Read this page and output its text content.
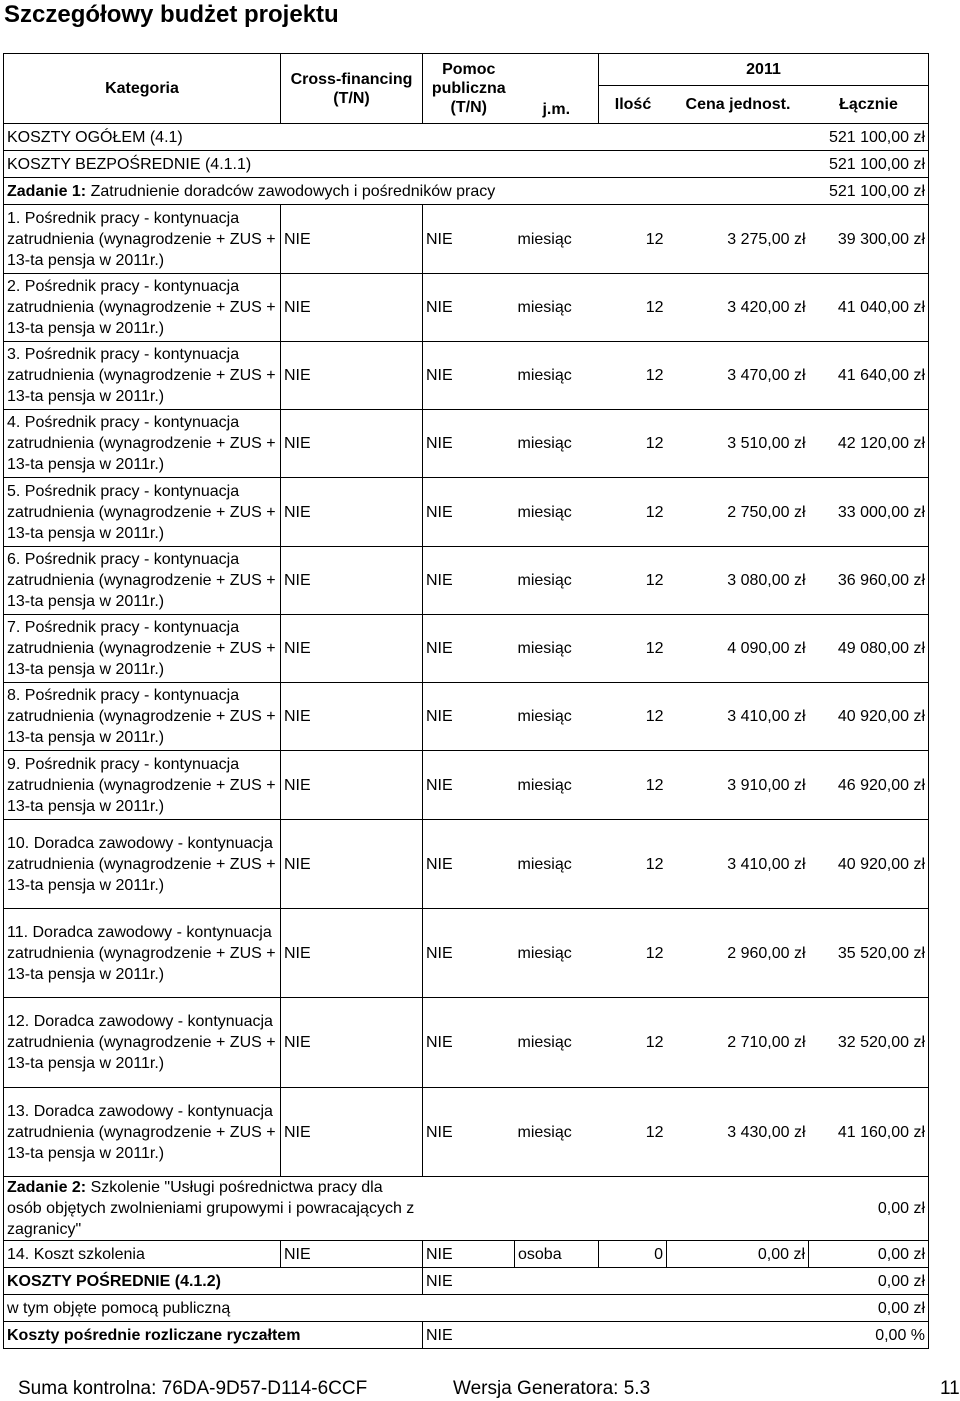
Szczegółowy budżet projektu
Kategoria	Cross-financing (T/N)	Pomoc publiczna (T/N)	j.m.	
2011
Ilość	Cena jednost.	Łącznie

KOSZTY OGÓŁEM (4.1)	521 100,00 zł
KOSZTY BEZPOŚREDNIE (4.1.1)	521 100,00 zł
Zadanie 1: Zatrudnienie doradców zawodowych i pośredników pracy	521 100,00 zł
1. Pośrednik pracy - kontynuacja zatrudnienia (wynagrodzenie + ZUS + 13-ta pensja w 2011r.)	NIE	NIE	miesiąc	12	3 275,00 zł	39 300,00 zł
2. Pośrednik pracy - kontynuacja zatrudnienia (wynagrodzenie + ZUS + 13-ta pensja w 2011r.)	NIE	NIE	miesiąc	12	3 420,00 zł	41 040,00 zł
3. Pośrednik pracy - kontynuacja zatrudnienia (wynagrodzenie + ZUS + 13-ta pensja w 2011r.)	NIE	NIE	miesiąc	12	3 470,00 zł	41 640,00 zł
4. Pośrednik pracy - kontynuacja zatrudnienia (wynagrodzenie + ZUS + 13-ta pensja w 2011r.)	NIE	NIE	miesiąc	12	3 510,00 zł	42 120,00 zł
5. Pośrednik pracy - kontynuacja zatrudnienia (wynagrodzenie + ZUS + 13-ta pensja w 2011r.)	NIE	NIE	miesiąc	12	2 750,00 zł	33 000,00 zł
6. Pośrednik pracy - kontynuacja zatrudnienia (wynagrodzenie + ZUS + 13-ta pensja w 2011r.)	NIE	NIE	miesiąc	12	3 080,00 zł	36 960,00 zł
7. Pośrednik pracy - kontynuacja zatrudnienia (wynagrodzenie + ZUS + 13-ta pensja w 2011r.)	NIE	NIE	miesiąc	12	4 090,00 zł	49 080,00 zł
8. Pośrednik pracy - kontynuacja zatrudnienia (wynagrodzenie + ZUS + 13-ta pensja w 2011r.)	NIE	NIE	miesiąc	12	3 410,00 zł	40 920,00 zł
9. Pośrednik pracy - kontynuacja zatrudnienia (wynagrodzenie + ZUS + 13-ta pensja w 2011r.)	NIE	NIE	miesiąc	12	3 910,00 zł	46 920,00 zł
10. Doradca zawodowy - kontynuacja zatrudnienia (wynagrodzenie + ZUS + 13-ta pensja w 2011r.)	NIE	NIE	miesiąc	12	3 410,00 zł	40 920,00 zł
11. Doradca zawodowy - kontynuacja zatrudnienia (wynagrodzenie + ZUS + 13-ta pensja w 2011r.)	NIE	NIE	miesiąc	12	2 960,00 zł	35 520,00 zł
12. Doradca zawodowy - kontynuacja zatrudnienia (wynagrodzenie + ZUS + 13-ta pensja w 2011r.)	NIE	NIE	miesiąc	12	2 710,00 zł	32 520,00 zł
13. Doradca zawodowy - kontynuacja zatrudnienia (wynagrodzenie + ZUS + 13-ta pensja w 2011r.)	NIE	NIE	miesiąc	12	3 430,00 zł	41 160,00 zł
Zadanie 2: Szkolenie "Usługi pośrednictwa pracy dla osób objętych zwolnieniami grupowymi i powracających z zagranicy"	0,00 zł
14. Koszt szkolenia	NIE	NIE	osoba	0	0,00 zł	0,00 zł
KOSZTY POŚREDNIE (4.1.2)	NIE	0,00 zł
w tym objęte pomocą publiczną	0,00 zł
Koszty pośrednie rozliczane ryczałtem	NIE	0,00 %
Suma kontrolna: 76DA-9D57-D114-6CCF	Wersja Generatora: 5.3	11
